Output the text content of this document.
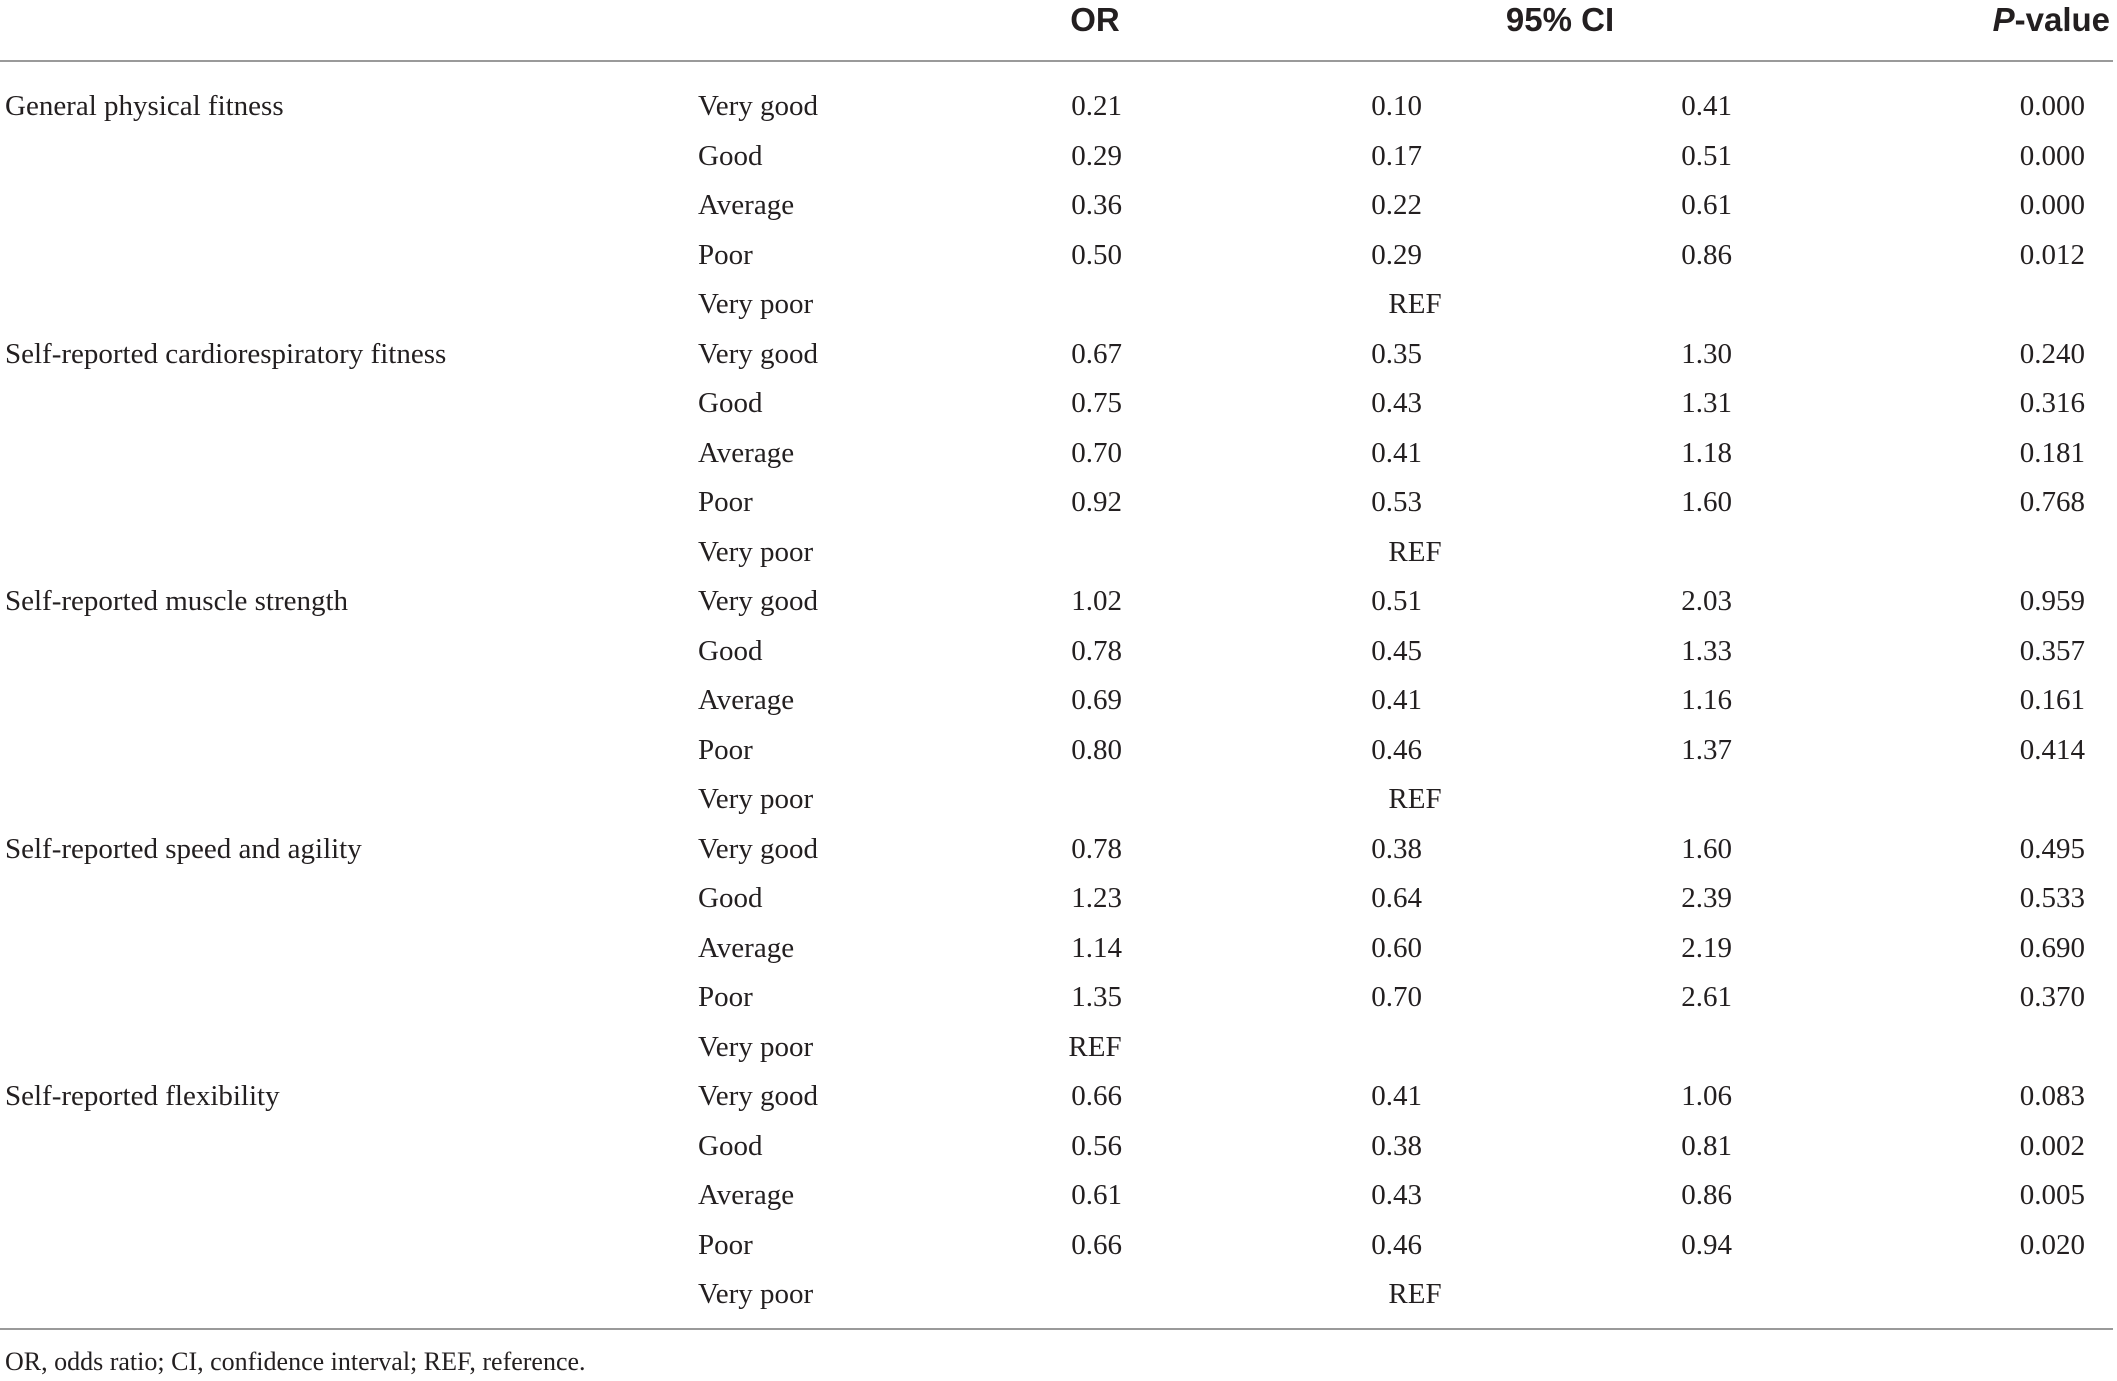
OR	95% CI	P-value
General physical fitness	Very good	0.21	0.10	0.41	0.000
Good	0.29	0.17	0.51	0.000
Average	0.36	0.22	0.61	0.000
Poor	0.50	0.29	0.86	0.012
Very poor	REF
Self-reported cardiorespiratory fitness	Very good	0.67	0.35	1.30	0.240
Good	0.75	0.43	1.31	0.316
Average	0.70	0.41	1.18	0.181
Poor	0.92	0.53	1.60	0.768
Very poor	REF
Self-reported muscle strength	Very good	1.02	0.51	2.03	0.959
Good	0.78	0.45	1.33	0.357
Average	0.69	0.41	1.16	0.161
Poor	0.80	0.46	1.37	0.414
Very poor	REF
Self-reported speed and agility	Very good	0.78	0.38	1.60	0.495
Good	1.23	0.64	2.39	0.533
Average	1.14	0.60	2.19	0.690
Poor	1.35	0.70	2.61	0.370
Very poor	REF
Self-reported flexibility	Very good	0.66	0.41	1.06	0.083
Good	0.56	0.38	0.81	0.002
Average	0.61	0.43	0.86	0.005
Poor	0.66	0.46	0.94	0.020
Very poor	REF
OR, odds ratio; CI, confidence interval; REF, reference.
